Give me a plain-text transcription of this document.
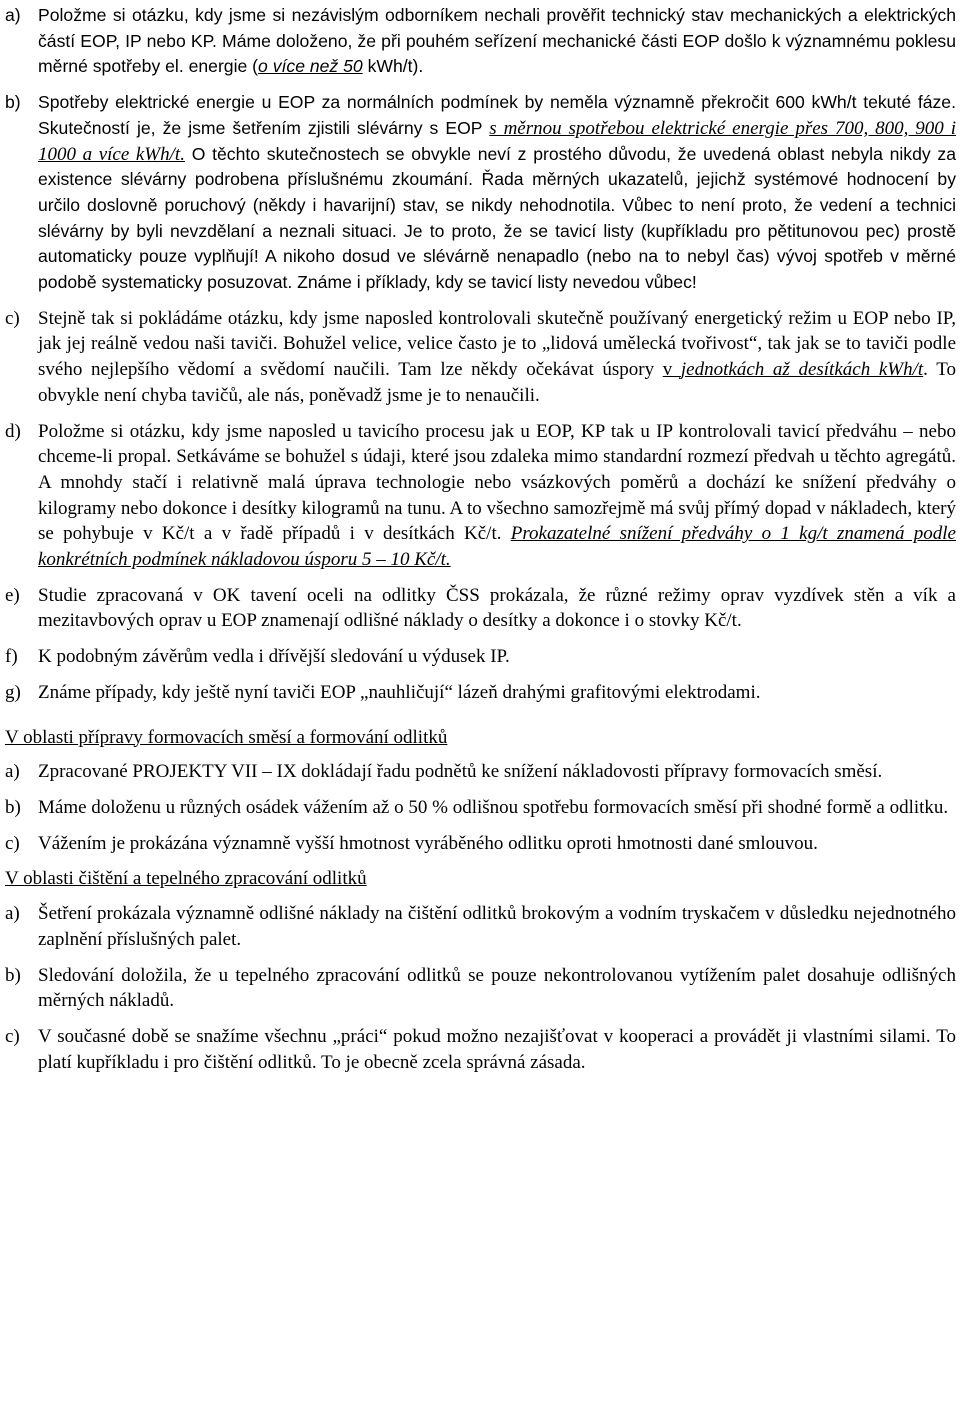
a) Položme si otázku, kdy jsme si nezávislým odborníkem nechali prověřit technický stav mechanických a elektrických částí EOP, IP nebo KP. Máme doloženo, že při pouhém seřízení mechanické části EOP došlo k významnému poklesu měrné spotřeby el. energie (o více než 50 kWh/t).
b) Spotřeby elektrické energie u EOP za normálních podmínek by neměla významně překročit 600 kWh/t tekuté fáze. Skutečností je, že jsme šetřením zjistili slévárny s EOP s měrnou spotřebou elektrické energie přes 700, 800, 900 i 1000 a více kWh/t. O těchto skutečnostech se obvykle neví z prostého důvodu, že uvedená oblast nebyla nikdy za existence slévárny podrobena příslušnému zkoumání. Řada měrných ukazatelů, jejichž systémové hodnocení by určilo doslovně poruchový (někdy i havarijní) stav, se nikdy nehodnotila. Vůbec to není proto, že vedení a technici slévárny by byli nevzdělaní a neznali situaci. Je to proto, že se tavicí listy (kupříkladu pro pětitunovou pec) prostě automaticky pouze vyplňují! A nikoho dosud ve slévárně nenapadlo (nebo na to nebyl čas) vývoj spotřeb v měrné podobě systematicky posuzovat. Známe i příklady, kdy se tavicí listy nevedou vůbec!
c) Stejně tak si pokládáme otázku, kdy jsme naposled kontrolovali skutečně používaný energetický režim u EOP nebo IP, jak jej reálně vedou naši taviči. Bohužel velice, velice často je to „lidová umělecká tvořivost“, tak jak se to taviči podle svého nejlepšího vědomí a svědomí naučili. Tam lze někdy očekávat úspory v jednotkách až desítkách kWh/t. To obvykle není chyba tavičů, ale nás, poněvadž jsme je to nenaučili.
d) Položme si otázku, kdy jsme naposled u tavicího procesu jak u EOP, KP tak u IP kontrolovali tavicí předváhu – nebo chceme-li propal. Setkáváme se bohužel s údaji, které jsou zdaleka mimo standardní rozmezí předvah u těchto agregátů. A mnohdy stačí i relativně malá úprava technologie nebo vsázkových poměrů a dochází ke snížení předváhy o kilogramy nebo dokonce i desítky kilogramů na tunu. A to všechno samozřejmě má svůj přímý dopad v nákladech, který se pohybuje v Kč/t a v řadě případů i v desítkách Kč/t. Prokazatelné snížení předváhy o 1 kg/t znamená podle konkrétních podmínek nákladovou úsporu 5 – 10 Kč/t.
e) Studie zpracovaná v OK tavení oceli na odlitky ČSS prokázala, že různé režimy oprav vyzdívek stěn a vík a mezitavbových oprav u EOP znamenají odlišné náklady o desítky a dokonce i o stovky Kč/t.
f)	K podobným závěrům vedla i dřívější sledování u výdusek IP.
g) Známe případy, kdy ještě nyní taviči EOP „nauhličují“ lázeň drahými grafitovými elektrodami.
V oblasti přípravy formovacích směsí a formování odlitků
a) Zpracované PROJEKTY VII – IX dokládají řadu podnětů ke snížení nákladovosti přípravy formovacích směsí.
b) Máme doloženu u různých osádek vážením až o 50 % odlišnou spotřebu formovacích směsí při shodné formě a odlitku.
c) Vážením je prokázána významně vyšší hmotnost vyráběného odlitku oproti hmotnosti dané smlouvou.
V oblasti čištění a tepelného zpracování odlitků
a) Šetření prokázala významně odlišné náklady na čištění odlitků brokovým a vodním tryskačem v důsledku nejednotného zaplnění příslušných palet.
b) Sledování doložila, že u tepelného zpracování odlitků se pouze nekontrolovanou vytížením palet dosahuje odlišných měrných nákladů.
c) V současné době se snažíme všechnu „práci“ pokud možno nezajišťovat v kooperaci a provádět ji vlastními silami. To platí kupříkladu i pro čištění odlitků. To je obecně zcela správná zásada.
